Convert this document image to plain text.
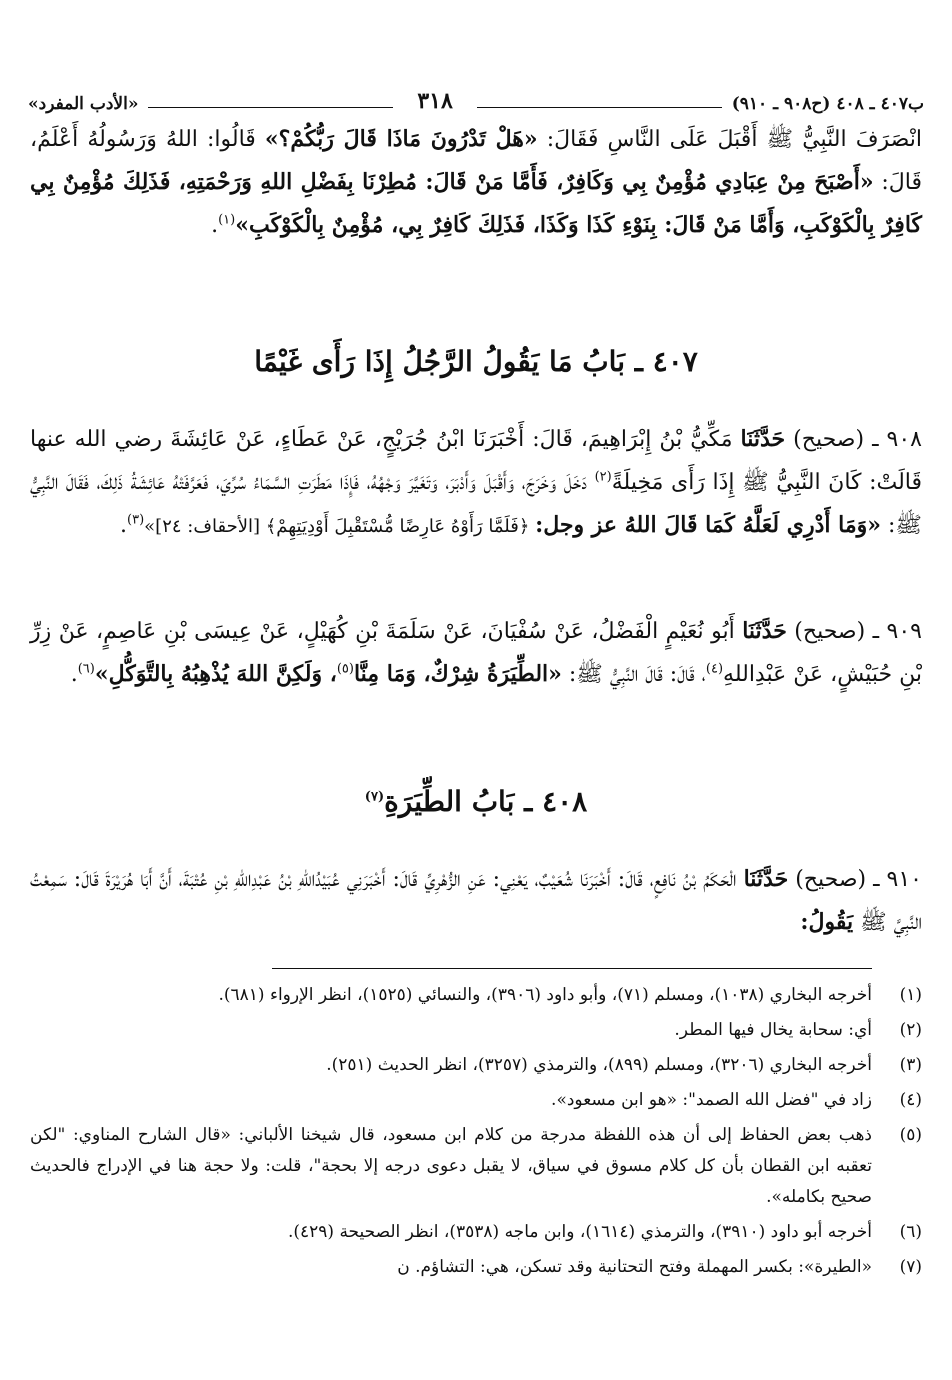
ب٤٠٧ ـ ٤٠٨ (ح٩٠٨ ـ ٩١٠)
٣١٨
«الأدب المفرد»

انْصَرَفَ النَّبِيُّ ﷺ أَقْبَلَ عَلَى النَّاسِ فَقَالَ: «هَلْ تَدْرُونَ مَاذَا قَالَ رَبُّكُمْ؟» قَالُوا: اللهُ وَرَسُولُهُ أَعْلَمُ، قَالَ: «أَصْبَحَ مِنْ عِبَادِي مُؤْمِنٌ بِي وَكَافِرٌ، فَأَمَّا مَنْ قَالَ: مُطِرْنَا بِفَضْلِ اللهِ وَرَحْمَتِهِ، فَذَلِكَ مُؤْمِنٌ بِي كَافِرٌ بِالْكَوْكَبِ، وَأَمَّا مَنْ قَالَ: بِنَوْءِ كَذَا وَكَذَا، فَذَلِكَ كَافِرٌ بِي، مُؤْمِنٌ بِالْكَوْكَبِ»$^{(١)}$.

٤٠٧ ـ بَابُ مَا يَقُولُ الرَّجُلُ إِذَا رَأَى غَيْمًا

٩٠٨ ـ (صحيح) حَدَّثَنَا مَكِّيُّ بْنُ إِبْرَاهِيمَ، قَالَ: أَخْبَرَنَا ابْنُ جُرَيْجٍ، عَنْ عَطَاءٍ، عَنْ عَائِشَةَ رضي الله عنها قَالَتْ: كَانَ النَّبِيُّ ﷺ إِذَا رَأَى مَخِيلَةً$^{(٢)}$ دَخَلَ وَخَرَجَ، وَأَقْبَلَ وَأَدْبَرَ، وَتَغَيَّرَ وَجْهُهُ، فَإِذَا مَطَرَتِ السَّمَاءُ سُرِّيَ، فَعَرَّفَتْهُ عَائِشَةُ ذَلِكَ، فَقَالَ النَّبِيُّ ﷺ: «وَمَا أَدْرِي لَعَلَّهُ كَمَا قَالَ اللهُ عز وجل: ﴿فَلَمَّا رَأَوْهُ عَارِضًا مُّسْتَقْبِلَ أَوْدِيَتِهِمْ﴾ [الأحقاف: ٢٤]»$^{(٣)}$.

٩٠٩ ـ (صحيح) حَدَّثَنَا أَبُو نُعَيْمٍ الْفَضْلُ، عَنْ سُفْيَانَ، عَنْ سَلَمَةَ بْنِ كُهَيْلٍ، عَنْ عِيسَى بْنِ عَاصِمٍ، عَنْ زِرِّ بْنِ حُبَيْشٍ، عَنْ عَبْدِاللهِ$^{(٤)}$، قَالَ: قَالَ النَّبِيُّ ﷺ: «الطِّيَرَةُ شِرْكٌ، وَمَا مِنَّا$^{(٥)}$، وَلَكِنَّ اللهَ يُذْهِبُهُ بِالتَّوَكُّلِ»$^{(٦)}$.

٤٠٨ ـ بَابُ الطِّيَرَةِ$^{(٧)}$

٩١٠ ـ (صحيح) حَدَّثَنَا الْحَكَمُ بْنُ نَافِعٍ، قَالَ: أَخْبَرَنَا شُعَيْبٌ، يَعْنِي: عَنِ الزُّهْرِيِّ قَالَ: أَخْبَرَنِي عُبَيْدُاللهِ بْنُ عَبْدِاللهِ بْنِ عُتْبَةَ، أَنَّ أَبَا هُرَيْرَةَ قَالَ: سَمِعْتُ النَّبِيَّ ﷺ يَقُولُ:

(١)
أخرجه البخاري (١٠٣٨)، ومسلم (٧١)، وأبو داود (٣٩٠٦)، والنسائي (١٥٢٥)، انظر الإرواء (٦٨١).
(٢)
أي: سحابة يخال فيها المطر.
(٣)
أخرجه البخاري (٣٢٠٦)، ومسلم (٨٩٩)، والترمذي (٣٢٥٧)، انظر الحديث (٢٥١).
(٤)
زاد في "فضل الله الصمد": «هو ابن مسعود».
(٥)
ذهب بعض الحفاظ إلى أن هذه اللفظة مدرجة من كلام ابن مسعود، قال شيخنا الألباني: «قال الشارح المناوي: "لكن تعقبه ابن القطان بأن كل كلام مسوق في سياق، لا يقبل دعوى درجه إلا بحجة"، قلت: ولا حجة هنا في الإدراج فالحديث صحيح بكامله».
(٦)
أخرجه أبو داود (٣٩١٠)، والترمذي (١٦١٤)، وابن ماجه (٣٥٣٨)، انظر الصحيحة (٤٢٩).
(٧)
«الطيرة»: بكسر المهملة وفتح التحتانية وقد تسكن، هي: التشاؤم. ن
